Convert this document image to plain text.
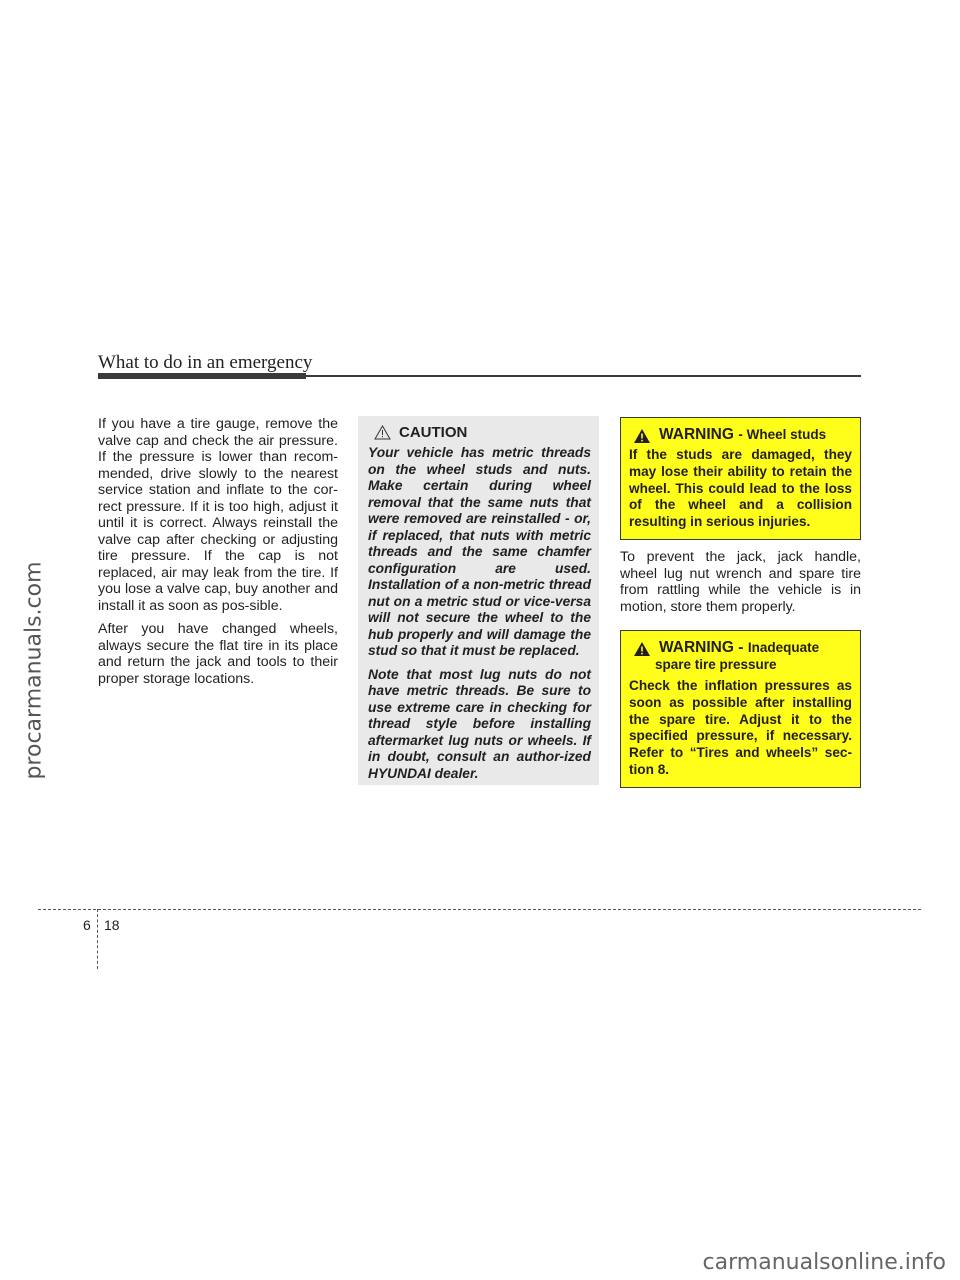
procarmanuals.com
What to do in an emergency

If you have a tire gauge, remove the valve cap and check the air pressure. If the pressure is lower than recom-mended, drive slowly to the nearest service station and inflate to the cor-rect pressure. If it is too high, adjust it until it is correct. Always reinstall the valve cap after checking or adjusting tire pressure. If the cap is not replaced, air may leak from the tire. If you lose a valve cap, buy another and install it as soon as pos-sible.

After you have changed wheels, always secure the flat tire in its place and return the jack and tools to their proper storage locations.

CAUTION

Your vehicle has metric threads on the wheel studs and nuts. Make certain during wheel removal that the same nuts that were removed are reinstalled - or, if replaced, that nuts with metric threads and the same chamfer configuration are used. Installation of a non-metric thread nut on a metric stud or vice-versa will not secure the wheel to the hub properly and will damage the stud so that it must be replaced.

Note that most lug nuts do not have metric threads. Be sure to use extreme care in checking for thread style before installing aftermarket lug nuts or wheels. If in doubt, consult an author-ized HYUNDAI dealer.

WARNING - Wheel studs

If the studs are damaged, they may lose their ability to retain the wheel. This could lead to the loss of the wheel and a collision resulting in serious injuries.

To prevent the jack, jack handle, wheel lug nut wrench and spare tire from rattling while the vehicle is in motion, store them properly.

WARNING - Inadequate
spare tire pressure

Check the inflation pressures as soon as possible after installing the spare tire. Adjust it to the specified pressure, if necessary. Refer to “Tires and wheels” sec-tion 8.

6 18
carmanualsonline.info
